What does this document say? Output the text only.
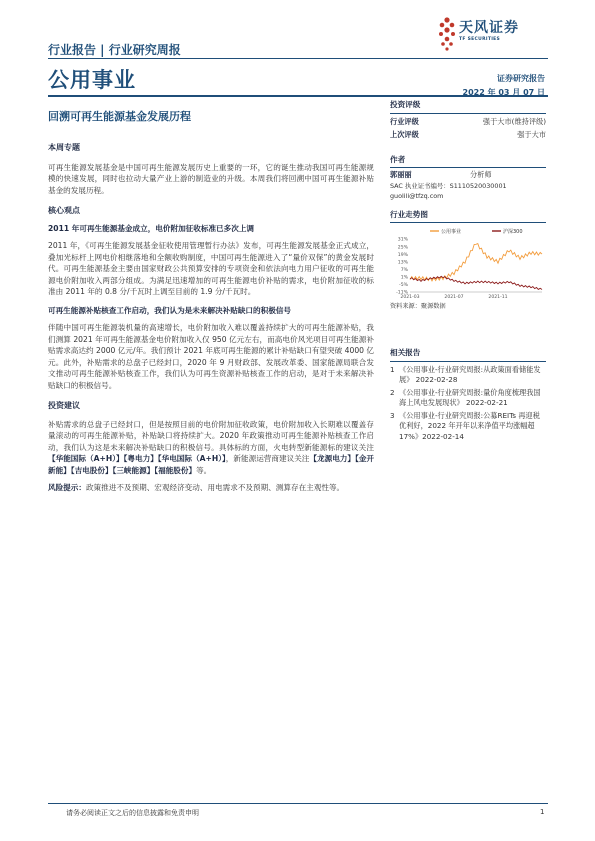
行业报告 | 行业研究周报
公用事业
回溯可再生能源基金发展历程
证券研究报告
2022 年 03 月 07 日
天风证券
TF SECURITIES
本周专题

可再生能源发展基金是中国可再生能源发展历史上重要的一环，它的诞生推动我国可再生能源规模的快速发展，同时也拉动大量产业上游的制造业的升级。本周我们将回溯中国可再生能源补贴基金的发展历程。

核心观点
2011 年可再生能源基金成立，电价附加征收标准已多次上调

2011 年，《可再生能源发展基金征收使用管理暂行办法》发布，可再生能源发展基金正式成立，叠加光标杆上网电价相继落地和全额收购制度，中国可再生能源进入了“量价双保”的黄金发展时代。可再生能源基金主要由国家财政公共预算安排的专项资金和依法向电力用户征收的可再生能源电价附加收入两部分组成。为满足迅速增加的可再生能源电价补贴的需求，电价附加征收的标准由 2011 年的 0.8 分/千瓦时上调至目前的 1.9 分/千瓦时。

可再生能源补贴核查工作启动，我们认为是未来解决补贴缺口的积极信号

伴随中国可再生能源装机量的高速增长，电价附加收入难以覆盖持续扩大的可再生能源补贴，我们测算 2021 年可再生能源基金电价附加收入仅 950 亿元左右，而高电价风光项目可再生能源补贴需求高达约 2000 亿元/年。我们预计 2021 年底可再生能源的累计补贴缺口有望突破 4000 亿元。此外，补贴需求的总盘子已经封口，2020 年 9 月财政部、发展改革委、国家能源局联合发文推动可再生能源补贴核查工作，我们认为可再生资源补贴核查工作的启动，是对于未来解决补贴缺口的积极信号。

投资建议

补贴需求的总盘子已经封口，但是按照目前的电价附加征收政策，电价附加收入长期难以覆盖存量滚动的可再生能源补贴，补贴缺口将持续扩大。2020 年政策推动可再生能源补贴核查工作启动，我们认为这是未来解决补贴缺口的积极信号。具体标的方面，火电转型新能源标的建议关注【华能国际（A+H）】【粤电力】【华电国际（A+H）】，新能源运营商建议关注【龙源电力】【金开新能】【吉电股份】【三峡能源】【福能股份】等。

风险提示：政策推进不及预期、宏观经济变动、用电需求不及预期、测算存在主观性等。

投资评级
行业评级	强于大市(维持评级)
上次评级	强于大市
作者
郭丽丽	分析师
SAC 执业证书编号：S1110520030001
guolili@tfzq.com
行业走势图
公用事业	沪深300
31%
25%
19%
13%
7%
1%
-5%
-11%
2021-03	2021-07	2021-11
资料来源：聚源数据
相关报告
1 《公用事业-行业研究周报:从政策面看储能发展》 2022-02-28
2 《公用事业-行业研究周报:量价角度梳理我国海上风电发展现状》 2022-02-21
3 《公用事业-行业研究周报:公募REITs 再迎税优利好，2022 年开年以来净值平均涨幅超 17%》2022-02-14
请务必阅读正文之后的信息披露和免责申明	1
